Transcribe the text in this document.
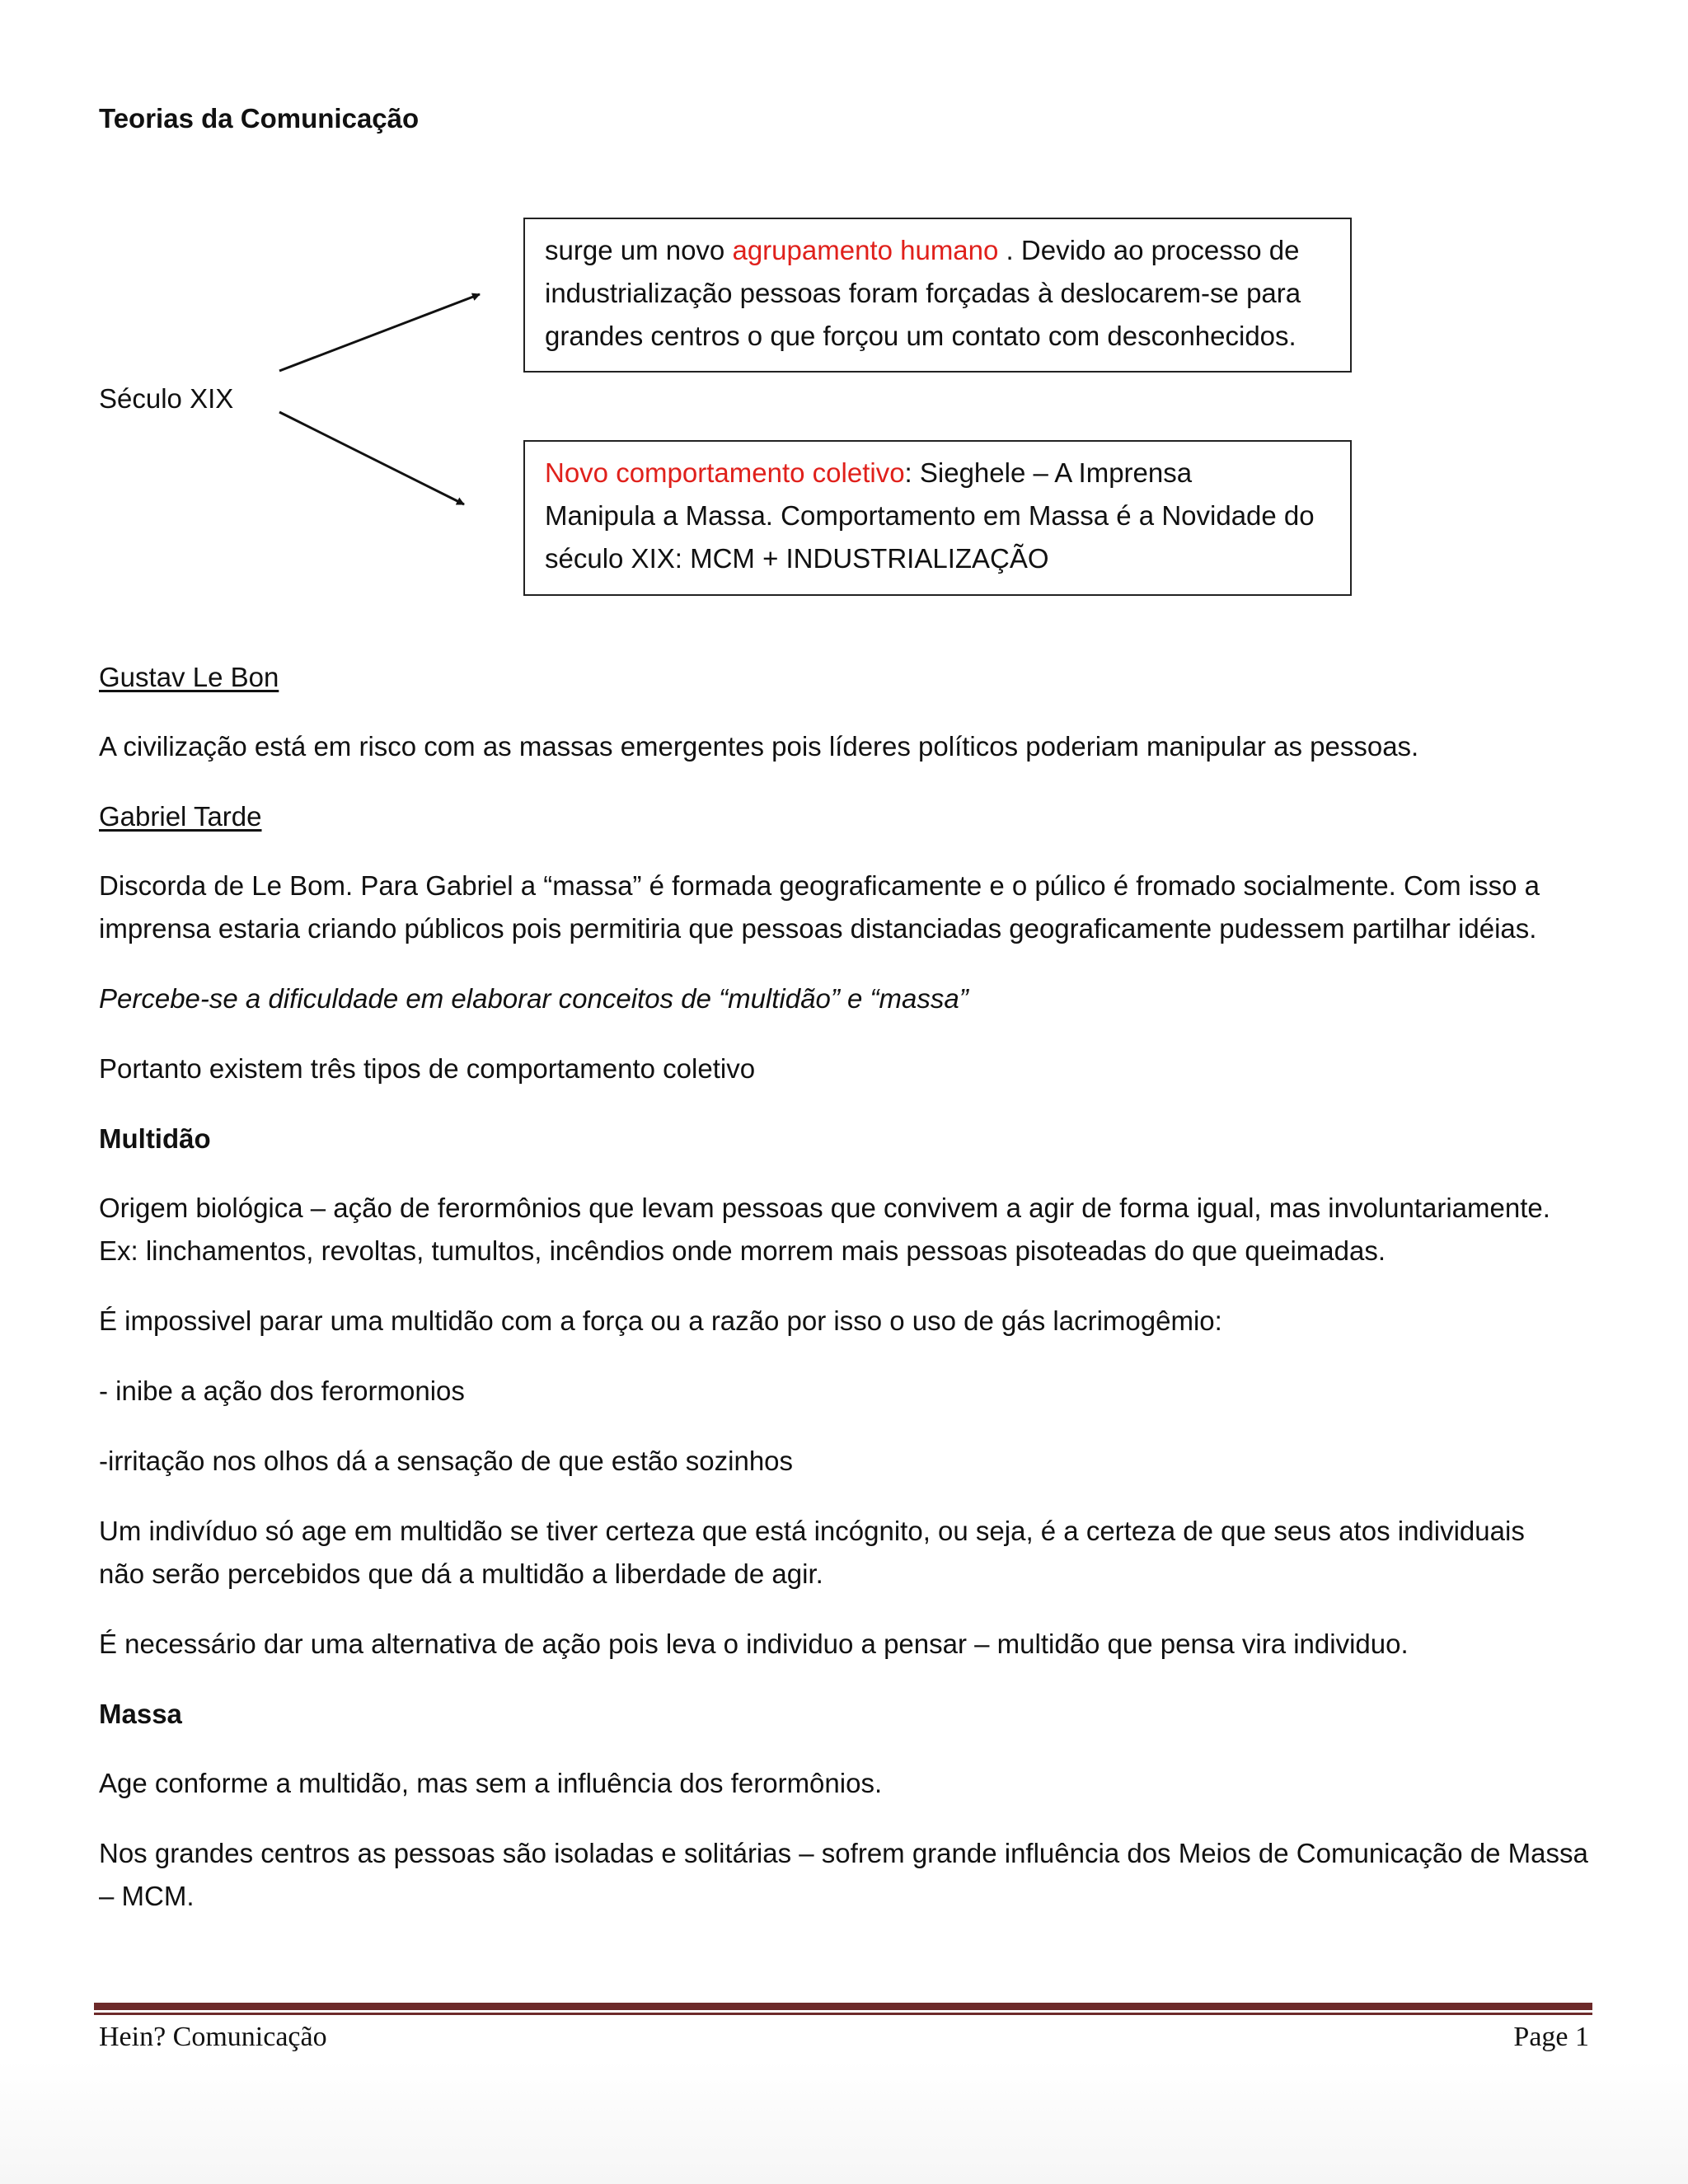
Teorias da Comunicação
Século XIX
surge um novo agrupamento humano . Devido ao processo de
industrialização pessoas foram forçadas à deslocarem-se para
grandes centros o que forçou um contato com desconhecidos.
Novo comportamento coletivo: Sieghele – A Imprensa
Manipula a Massa. Comportamento em Massa é a Novidade do
século XIX: MCM + INDUSTRIALIZAÇÃO
Gustav Le Bon
A civilização está em risco com as massas emergentes pois líderes políticos poderiam manipular as pessoas.
Gabriel Tarde
Discorda de Le Bom. Para Gabriel a “massa” é formada geograficamente e o púlico é fromado socialmente. Com isso a
imprensa estaria criando públicos pois permitiria que pessoas distanciadas geograficamente pudessem partilhar idéias.
Percebe-se a dificuldade em elaborar conceitos de “multidão” e “massa”
Portanto existem três tipos de comportamento coletivo
Multidão
Origem biológica – ação de ferormônios que levam pessoas que convivem a agir de forma igual, mas involuntariamente.
Ex: linchamentos, revoltas, tumultos, incêndios onde morrem mais pessoas pisoteadas do que queimadas.
É impossivel parar uma multidão com a força ou a razão por isso o uso de gás lacrimogêmio:
- inibe a ação dos ferormonios
-irritação nos olhos dá a sensação de que estão sozinhos
Um indivíduo só age em multidão se tiver certeza que está incógnito, ou seja, é a certeza de que seus atos individuais
não serão percebidos que dá a multidão a liberdade de agir.
É necessário dar uma alternativa de ação pois leva o individuo a pensar – multidão que pensa vira individuo.
Massa
Age conforme a multidão, mas sem a influência dos ferormônios.
Nos grandes centros as pessoas são isoladas e solitárias – sofrem grande influência dos Meios de Comunicação de Massa
– MCM.
Hein? Comunicação	Page 1
